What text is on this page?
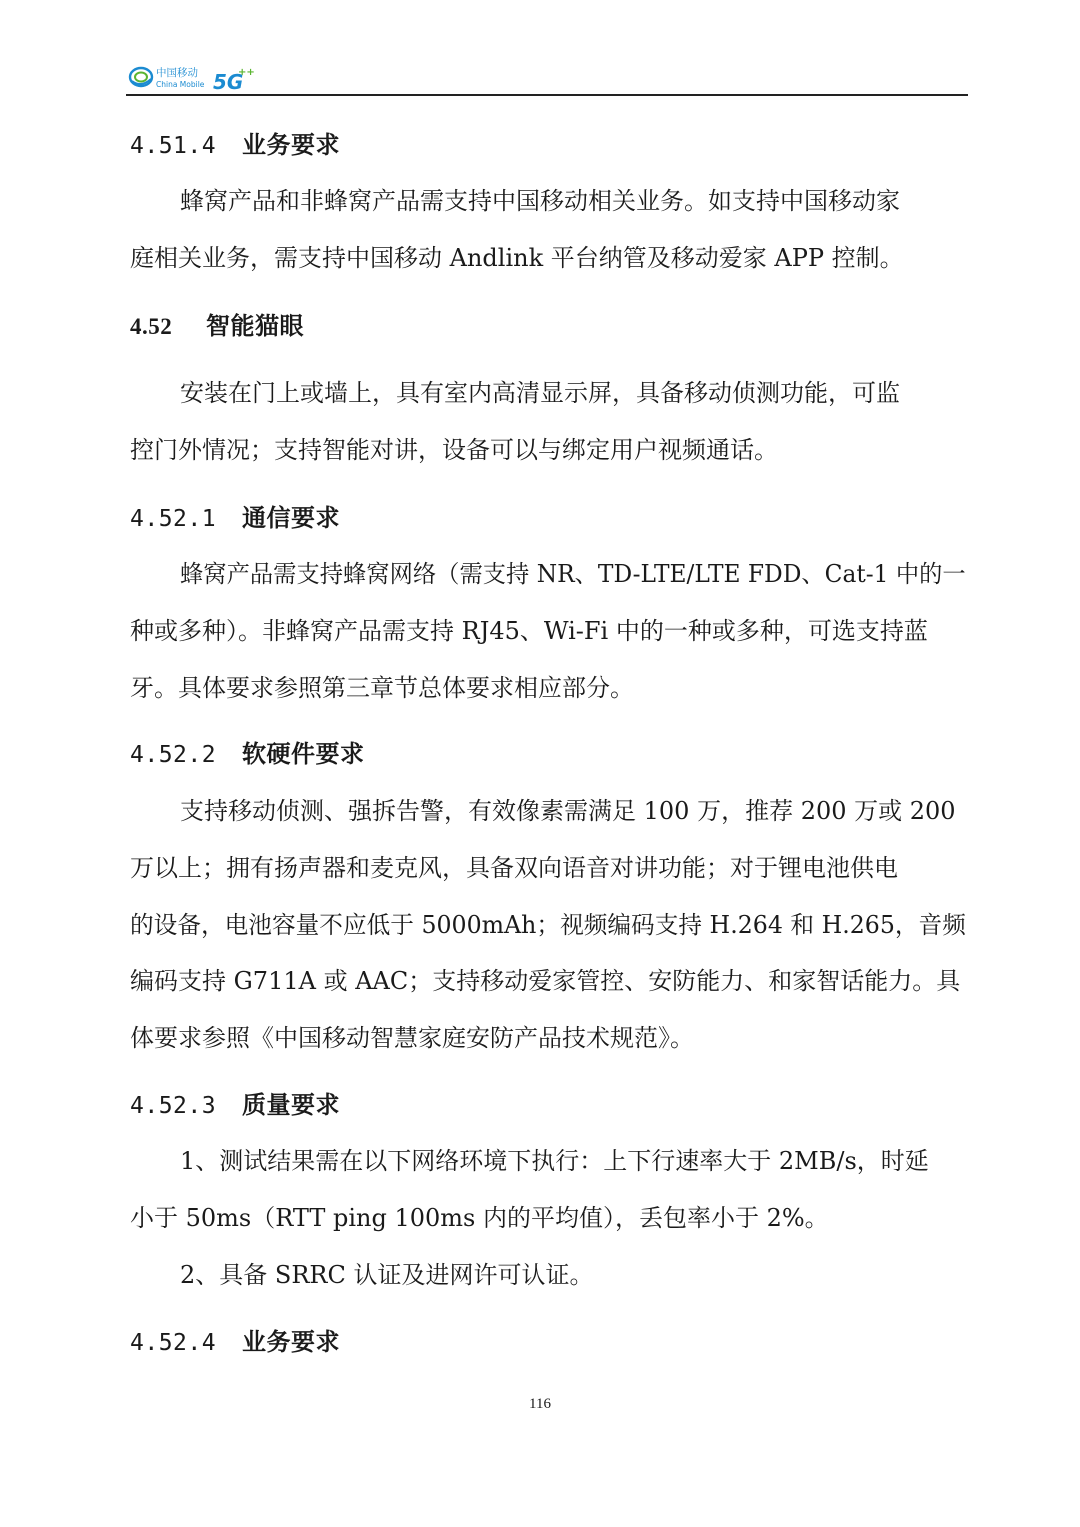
中国移动
China Mobile 5G
++
4.51.4 业务要求
蜂窝产品和非蜂窝产品需支持中国移动相关业务。如支持中国移动家
庭相关业务，需支持中国移动 Andlink 平台纳管及移动爱家 APP 控制。
4.52 智能猫眼
安装在门上或墙上，具有室内高清显示屏，具备移动侦测功能，可监
控门外情况；支持智能对讲，设备可以与绑定用户视频通话。
4.52.1 通信要求
蜂窝产品需支持蜂窝网络（需支持 NR、TD-LTE/LTE FDD、Cat-1 中的一
种或多种）。非蜂窝产品需支持 RJ45、Wi-Fi 中的一种或多种，可选支持蓝
牙。具体要求参照第三章节总体要求相应部分。
4.52.2 软硬件要求
支持移动侦测、强拆告警，有效像素需满足 100 万，推荐 200 万或 200
万以上；拥有扬声器和麦克风，具备双向语音对讲功能；对于锂电池供电
的设备，电池容量不应低于 5000mAh；视频编码支持 H.264 和 H.265，音频
编码支持 G711A 或 AAC；支持移动爱家管控、安防能力、和家智话能力。具
体要求参照《中国移动智慧家庭安防产品技术规范》。
4.52.3 质量要求
1、测试结果需在以下网络环境下执行：上下行速率大于 2MB/s，时延
小于 50ms（RTT ping 100ms 内的平均值），丢包率小于 2%。
2、具备 SRRC 认证及进网许可认证。
4.52.4 业务要求
116
